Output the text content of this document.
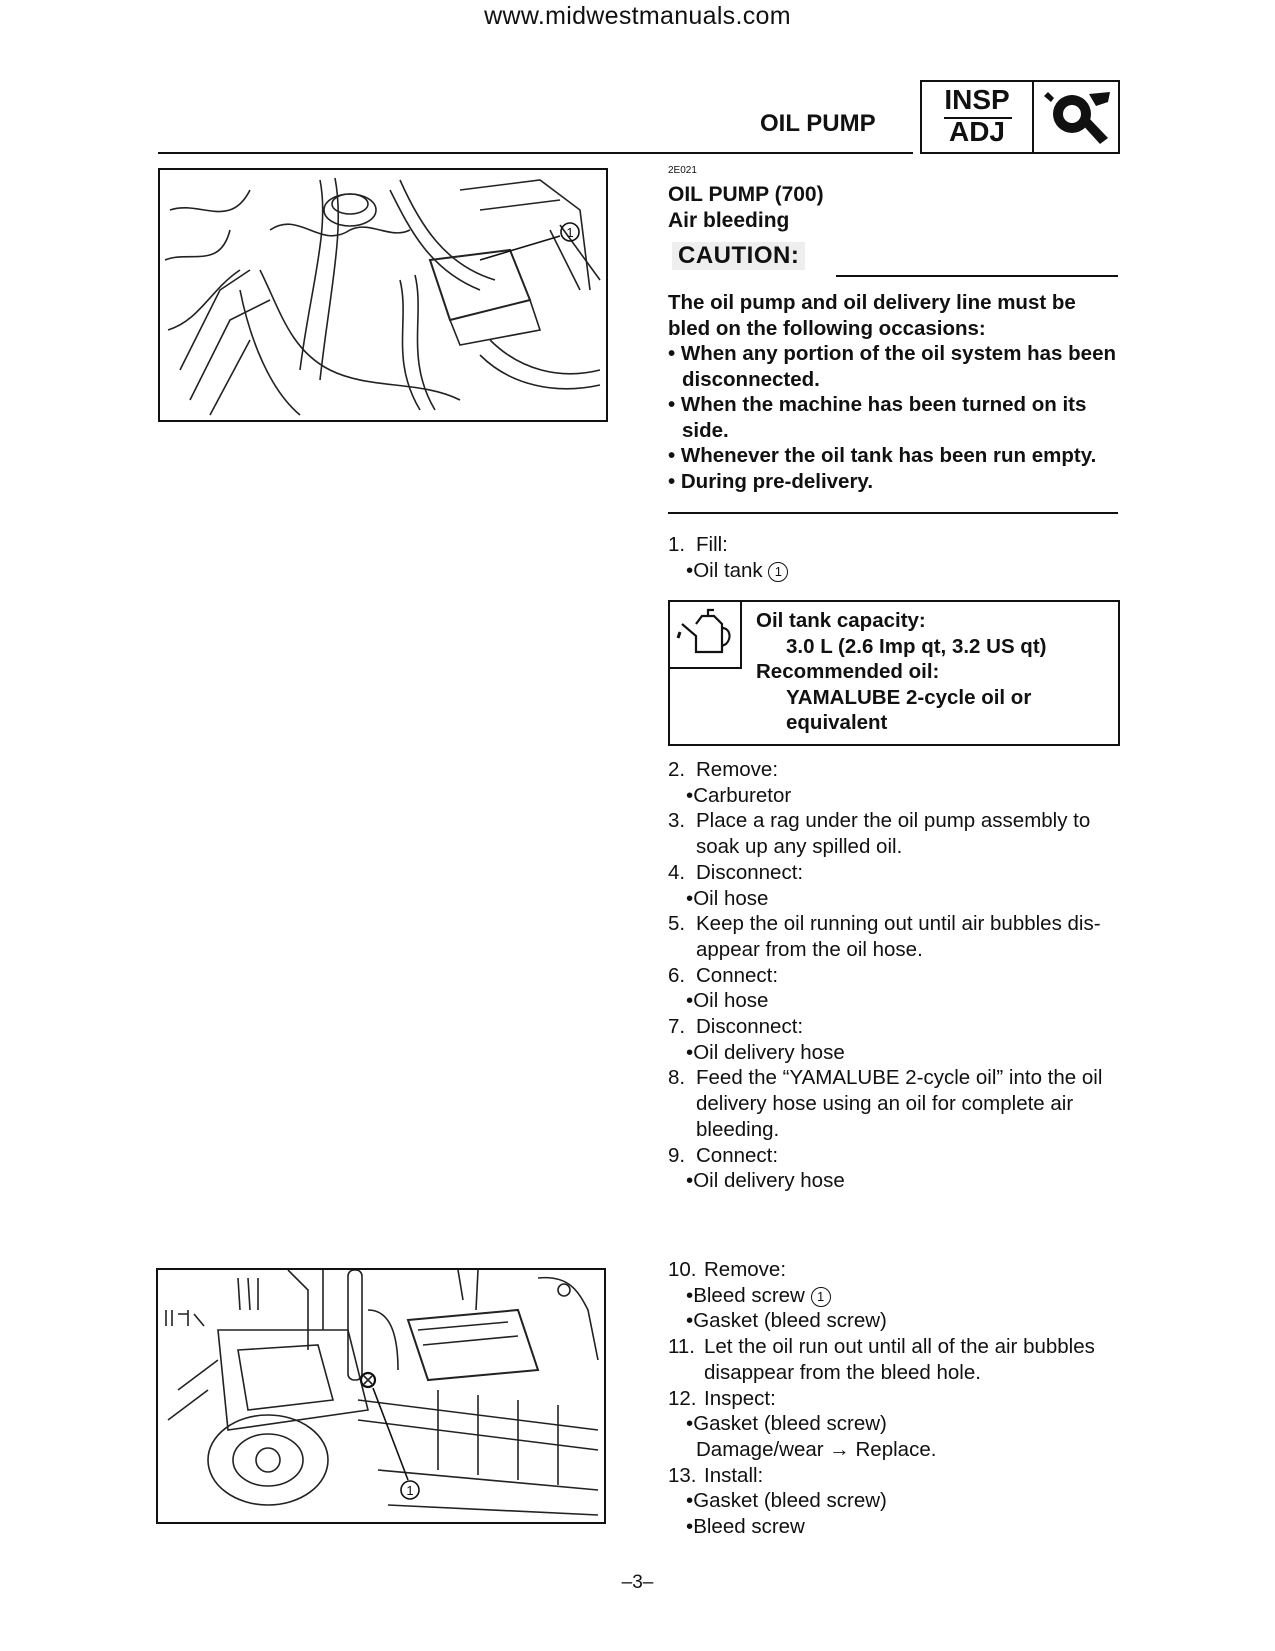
www.midwestmanuals.com
OIL PUMP
INSP
ADJ
1
2E021
OIL PUMP (700)
Air bleeding
CAUTION:
The oil pump and oil delivery line must be bled on the following occasions:
• When any portion of the oil system has been disconnected.
• When the machine has been turned on its side.
• Whenever the oil tank has been run empty.
• During pre-delivery.
1. Fill:
•Oil tank 1
Oil tank capacity:
3.0 L (2.6 Imp qt, 3.2 US qt)
Recommended oil:
YAMALUBE 2-cycle oil or
equivalent
2. Remove:
•Carburetor
3. Place a rag under the oil pump assembly to
soak up any spilled oil.
4. Disconnect:
•Oil hose
5. Keep the oil running out until air bubbles dis-
appear from the oil hose.
6. Connect:
•Oil hose
7. Disconnect:
•Oil delivery hose
8. Feed the “YAMALUBE 2-cycle oil” into the oil
delivery hose using an oil for complete air
bleeding.
9. Connect:
•Oil delivery hose
1
10. Remove:
•Bleed screw 1
•Gasket (bleed screw)
11. Let the oil run out until all of the air bubbles
disappear from the bleed hole.
12. Inspect:
•Gasket (bleed screw)
Damage/wear → Replace.
13. Install:
•Gasket (bleed screw)
•Bleed screw
–3–
